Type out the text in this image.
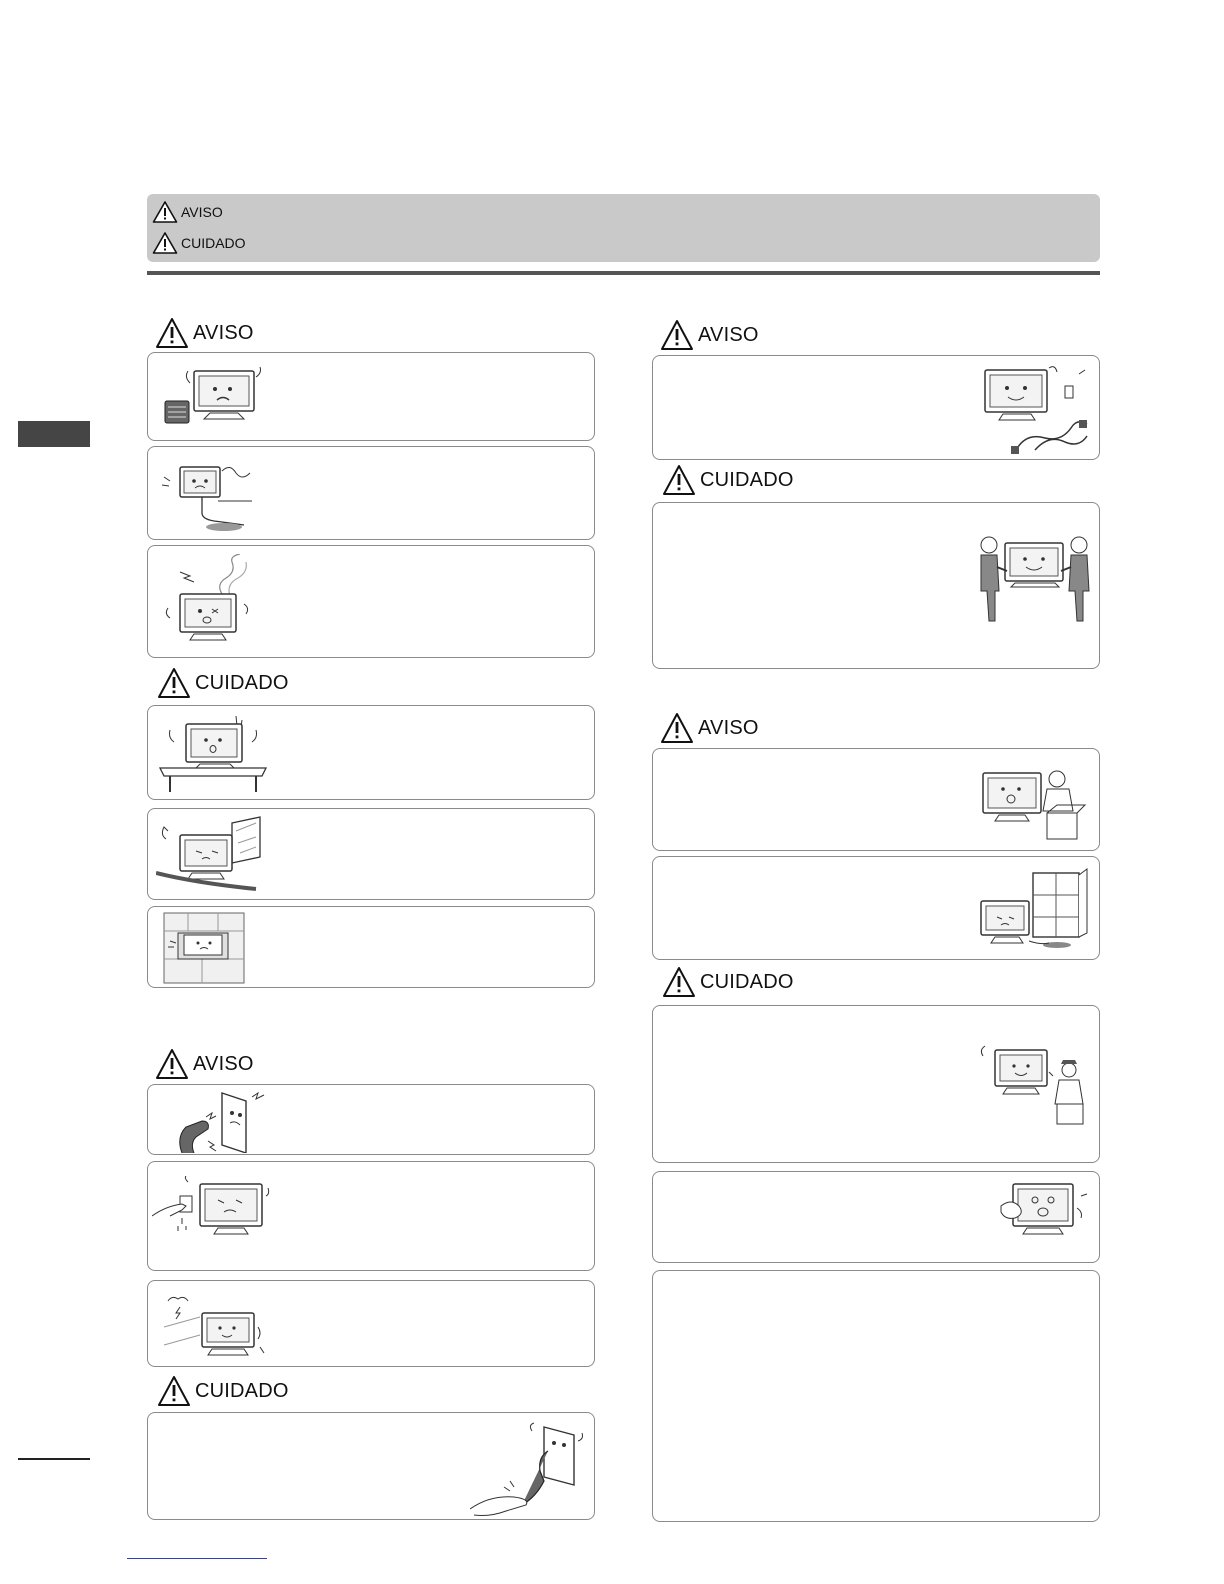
AVISO
CUIDADO
AVISO
CUIDADO
AVISO
CUIDADO
AVISO
CUIDADO
AVISO
CUIDADO
